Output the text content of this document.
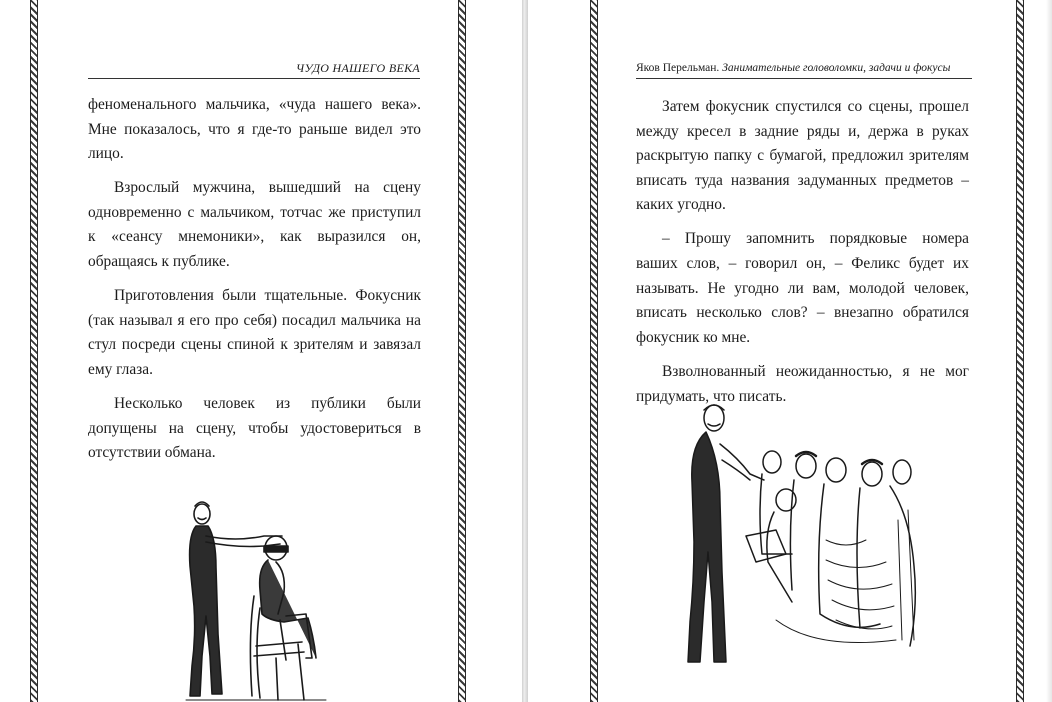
ЧУДО НАШЕГО ВЕКА

феноменального мальчика, «чуда нашего века». Мне показалось, что я где-то раньше видел это лицо.

Взрослый мужчина, вышедший на сцену одновременно с мальчиком, тотчас же приступил к «сеансу мнемоники», как выразился он, обращаясь к публике.

Приготовления были тщательные. Фокусник (так называл я его про себя) посадил мальчика на стул посреди сцены спиной к зрителям и завязал ему глаза.

Несколько человек из публики были допущены на сцену, чтобы удостовериться в отсутствии обмана.

Яков Перельман. Занимательные головоломки, задачи и фокусы

Затем фокусник спустился со сцены, прошел между кресел в задние ряды и, держа в руках раскрытую папку с бумагой, предложил зрителям вписать туда названия задуманных предметов – каких угодно.

– Прошу запомнить порядковые номера ваших слов, – говорил он, – Феликс будет их называть. Не угодно ли вам, молодой человек, вписать несколько слов? – внезапно обратился фокусник ко мне.

Взволнованный неожиданностью, я не мог придумать, что писать.
